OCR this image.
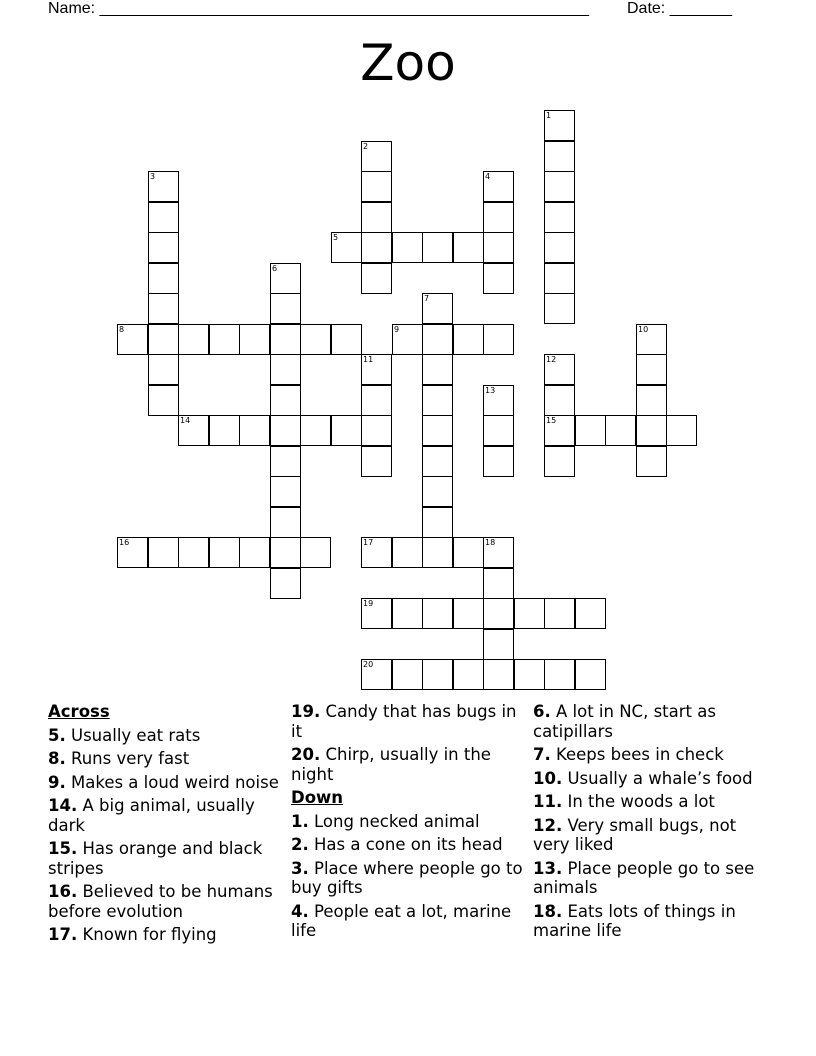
Name: _______________________________________________________ Date: _______
Zoo
1
2
3	4
5
6
7
8	9	10
11	12
13
14	15
16	17	18
19
20
Across
5. Usually eat rats
8. Runs very fast
9. Makes a loud weird noise
14. A big animal, usually dark
15. Has orange and black stripes
16. Believed to be humans before evolution
17. Known for flying
19. Candy that has bugs in it
20. Chirp, usually in the night
Down
1. Long necked animal
2. Has a cone on its head
3. Place where people go to buy gifts
4. People eat a lot, marine life
6. A lot in NC, start as catipillars
7. Keeps bees in check
10. Usually a whale’s food
11. In the woods a lot
12. Very small bugs, not very liked
13. Place people go to see animals
18. Eats lots of things in marine life
